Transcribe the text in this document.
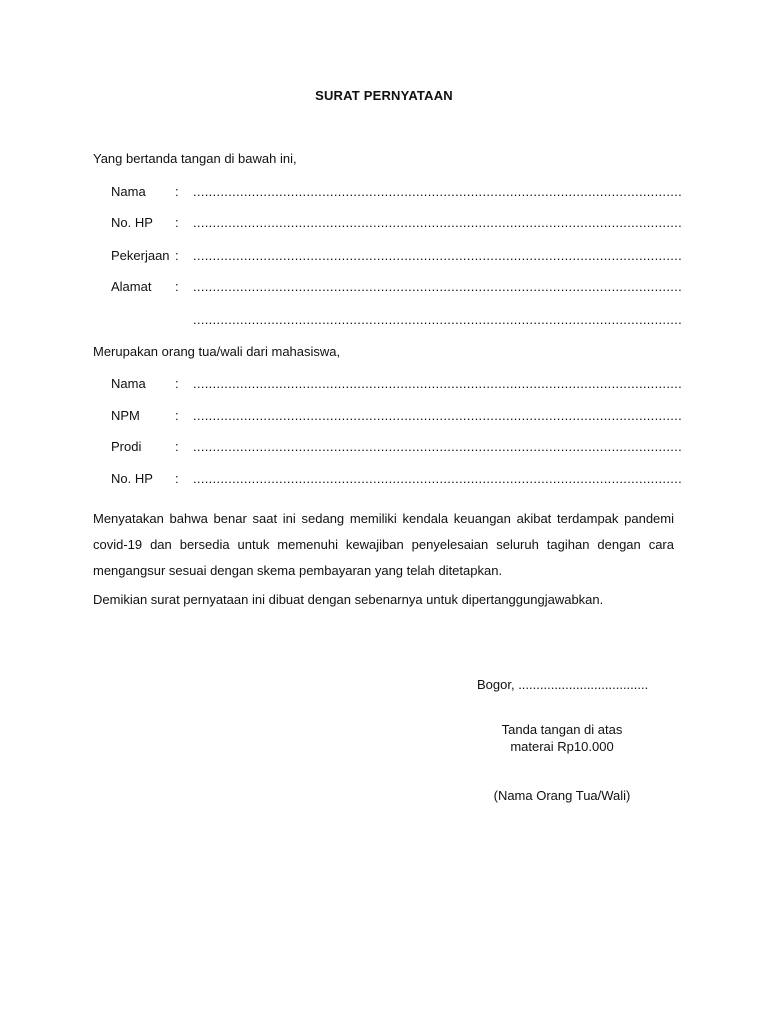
SURAT PERNYATAAN
Yang bertanda tangan di bawah ini,
Nama : .............................................................................................................................
No. HP : .............................................................................................................................
Pekerjaan : .............................................................................................................................
Alamat : .............................................................................................................................
.............................................................................................................................
Merupakan orang tua/wali dari mahasiswa,
Nama : .............................................................................................................................
NPM	: .............................................................................................................................
Prodi	: .............................................................................................................................
No. HP : .............................................................................................................................
Menyatakan bahwa benar saat ini sedang memiliki kendala keuangan akibat terdampak pandemi covid-19 dan bersedia untuk memenuhi kewajiban penyelesaian seluruh tagihan dengan cara mengangsur sesuai dengan skema pembayaran yang telah ditetapkan.
Demikian surat pernyataan ini dibuat dengan sebenarnya untuk dipertanggungjawabkan.
Bogor, ....................................
Tanda tangan di atas
materai Rp10.000
(Nama Orang Tua/Wali)
